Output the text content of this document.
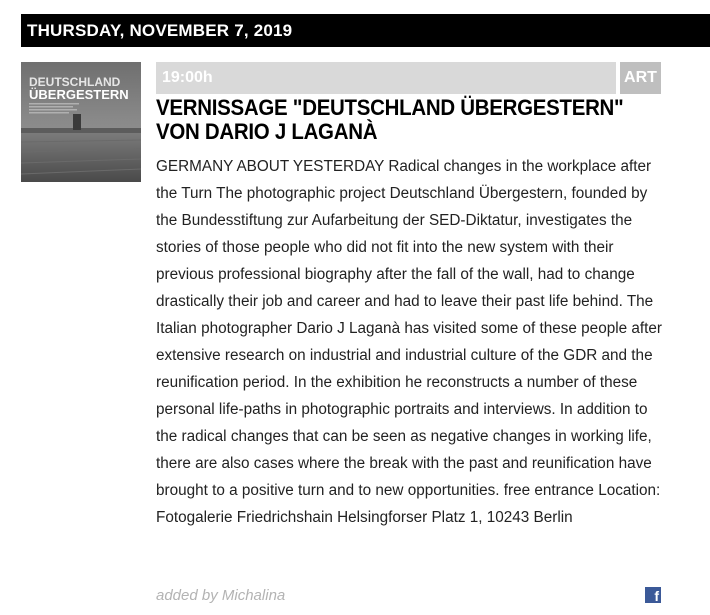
THURSDAY, NOVEMBER 7, 2019
DEUTSCHLAND
ÜBERGESTERN
19:00h	ART
VERNISSAGE "DEUTSCHLAND ÜBERGESTERN" VON DARIO J LAGANÀ

GERMANY ABOUT YESTERDAY Radical changes in the workplace after the Turn The photographic project Deutschland Übergestern, founded by the Bundesstiftung zur Aufarbeitung der SED-Diktatur, investigates the stories of those people who did not fit into the new system with their previous professional biography after the fall of the wall, had to change drastically their job and career and had to leave their past life behind. The Italian photographer Dario J Laganà has visited some of these people after extensive research on industrial and industrial culture of the GDR and the reunification period. In the exhibition he reconstructs a number of these personal life-paths in photographic portraits and interviews. In addition to the radical changes that can be seen as negative changes in working life, there are also cases where the break with the past and reunification have brought to a positive turn and to new opportunities. free entrance Location: Fotogalerie Friedrichshain Helsingforser Platz 1, 10243 Berlin

added by Michalina	f
